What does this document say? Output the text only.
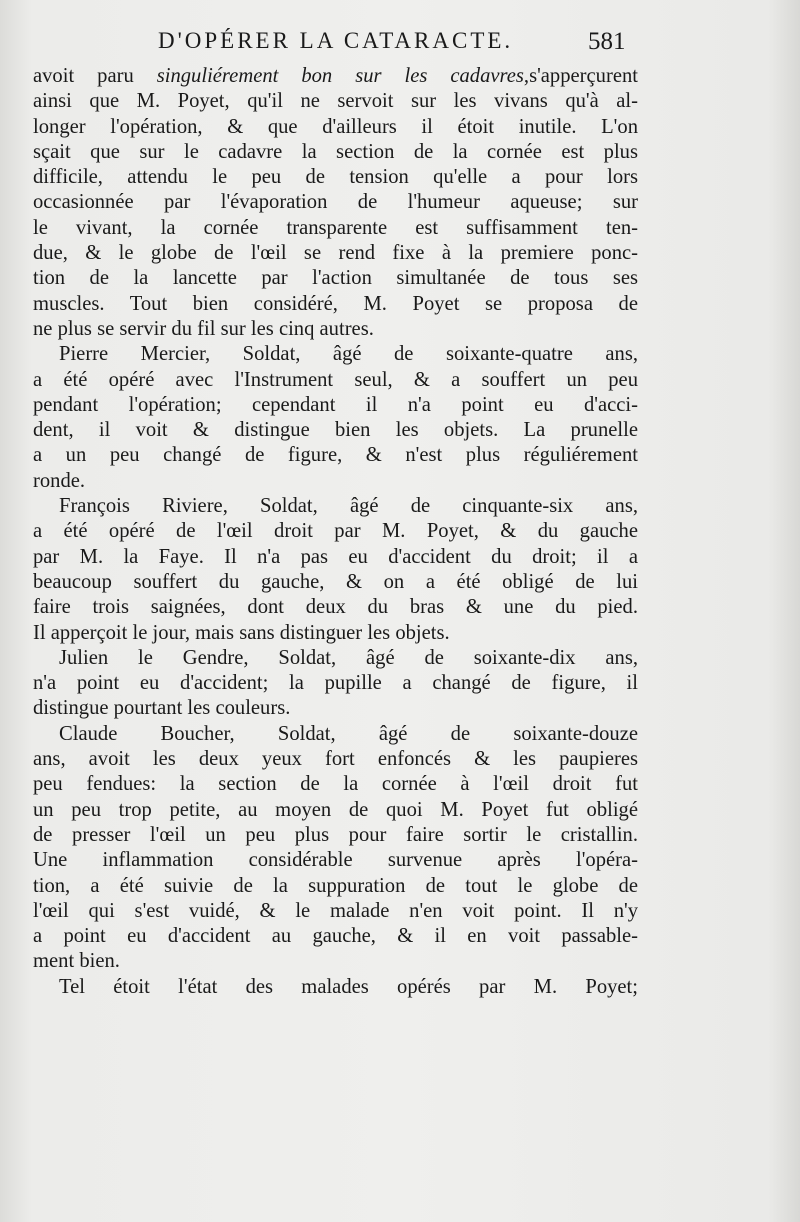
D'OPÉRER LA CATARACTE.	581
avoit paru singuliérement bon sur les cadavres,s'apperçurent
ainsi que M. Poyet, qu'il ne servoit sur les vivans qu'à al-
longer l'opération, & que d'ailleurs il étoit inutile. L'on
sçait que sur le cadavre la section de la cornée est plus
difficile, attendu le peu de tension qu'elle a pour lors
occasionnée par l'évaporation de l'humeur aqueuse; sur
le vivant, la cornée transparente est suffisamment ten-
due, & le globe de l'œil se rend fixe à la premiere ponc-
tion de la lancette par l'action simultanée de tous ses
muscles. Tout bien considéré, M. Poyet se proposa de
ne plus se servir du fil sur les cinq autres.
Pierre Mercier, Soldat, âgé de soixante-quatre ans,
a été opéré avec l'Instrument seul, & a souffert un peu
pendant l'opération; cependant il n'a point eu d'acci-
dent, il voit & distingue bien les objets. La prunelle
a un peu changé de figure, & n'est plus réguliérement
ronde.
François Riviere, Soldat, âgé de cinquante-six ans,
a été opéré de l'œil droit par M. Poyet, & du gauche
par M. la Faye. Il n'a pas eu d'accident du droit; il a
beaucoup souffert du gauche, & on a été obligé de lui
faire trois saignées, dont deux du bras & une du pied.
Il apperçoit le jour, mais sans distinguer les objets.
Julien le Gendre, Soldat, âgé de soixante-dix ans,
n'a point eu d'accident; la pupille a changé de figure, il
distingue pourtant les couleurs.
Claude Boucher, Soldat, âgé de soixante-douze
ans, avoit les deux yeux fort enfoncés & les paupieres
peu fendues: la section de la cornée à l'œil droit fut
un peu trop petite, au moyen de quoi M. Poyet fut obligé
de presser l'œil un peu plus pour faire sortir le cristallin.
Une inflammation considérable survenue après l'opéra-
tion, a été suivie de la suppuration de tout le globe de
l'œil qui s'est vuidé, & le malade n'en voit point. Il n'y
a point eu d'accident au gauche, & il en voit passable-
ment bien.
Tel étoit l'état des malades opérés par M. Poyet;
